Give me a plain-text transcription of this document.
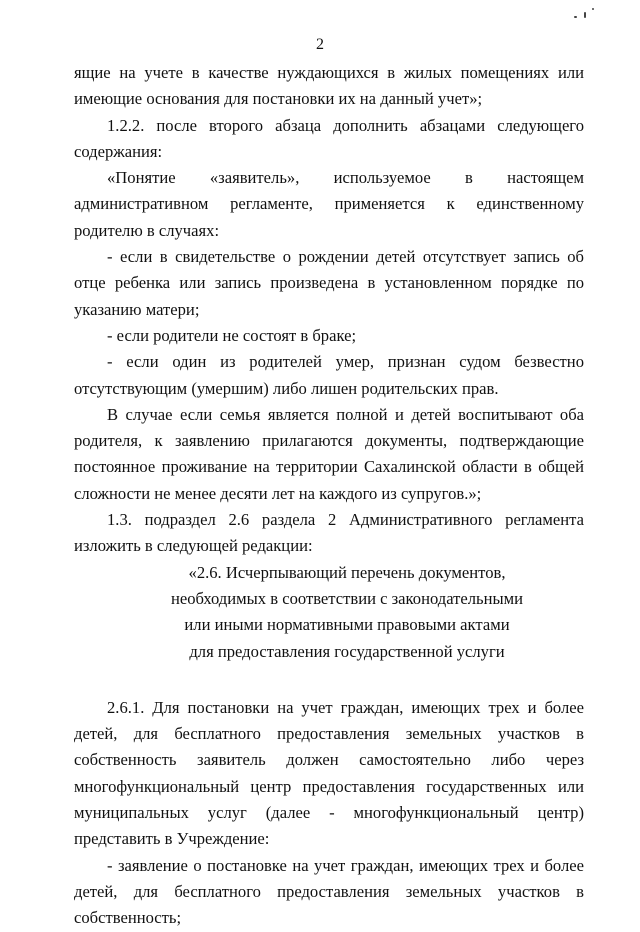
2

ящие на учете в качестве нуждающихся в жилых помещениях или имеющие основания для постановки их на данный учет»;

1.2.2. после второго абзаца дополнить абзацами следующего содержания:

«Понятие «заявитель», используемое в настоящем административном регламенте, применяется к единственному родителю в случаях:

- если в свидетельстве о рождении детей отсутствует запись об отце ребенка или запись произведена в установленном порядке по указанию матери;

- если родители не состоят в браке;

- если один из родителей умер, признан судом безвестно отсутствующим (умершим) либо лишен родительских прав.

В случае если семья является полной и детей воспитывают оба родителя, к заявлению прилагаются документы, подтверждающие постоянное проживание на территории Сахалинской области в общей сложности не менее десяти лет на каждого из супругов.»;

1.3. подраздел 2.6 раздела 2 Административного регламента изложить в следующей редакции:

«2.6. Исчерпывающий перечень документов,
необходимых в соответствии с законодательными
или иными нормативными правовыми актами
для предоставления государственной услуги

2.6.1. Для постановки на учет граждан, имеющих трех и более детей, для бесплатного предоставления земельных участков в собственность заявитель должен самостоятельно либо через многофункциональный центр предоставления государственных или муниципальных услуг (далее - многофункциональный центр) представить в Учреждение:

- заявление о постановке на учет граждан, имеющих трех и более детей, для бесплатного предоставления земельных участков в собственность;
